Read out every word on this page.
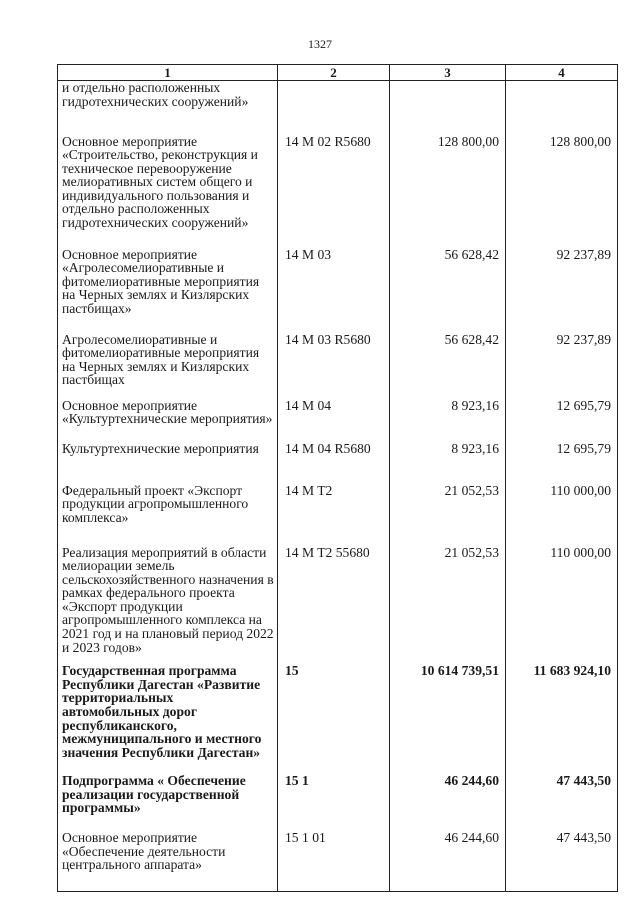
1327
1	2	3	4
и отдельно расположенных гидротехнических сооружений»			
Основное мероприятие «Строительство, реконструкция и техническое перевооружение мелиоративных систем общего и индивидуального пользования и отдельно расположенных гидротехнических сооружений»	14 M 02 R5680	128 800,00	128 800,00
Основное мероприятие «Агролесомелиоративные и фитомелиоративные мероприятия на Черных землях и Кизлярских пастбищах»	14 M 03	56 628,42	92 237,89
Агролесомелиоративные и фитомелиоративные мероприятия на Черных землях и Кизлярских пастбищах	14 M 03 R5680	56 628,42	92 237,89
Основное мероприятие «Культуртехнические мероприятия»	14 M 04	8 923,16	12 695,79
Культуртехнические мероприятия	14 M 04 R5680	8 923,16	12 695,79
Федеральный проект «Экспорт продукции агропромышленного комплекса»	14 M T2	21 052,53	110 000,00
Реализация мероприятий в области мелиорации земель сельскохозяйственного назначения в рамках федерального проекта «Экспорт продукции агропромышленного комплекса на 2021 год и на плановый период 2022 и 2023 годов»	14 M T2 55680	21 052,53	110 000,00
Государственная программа Республики Дагестан «Развитие территориальных автомобильных дорог республиканского, межмуниципального и местного значения Республики Дагестан»	15	10 614 739,51	11 683 924,10
Подпрограмма « Обеспечение реализации государственной программы»	15 1	46 244,60	47 443,50
Основное мероприятие «Обеспечение деятельности центрального аппарата»	15 1 01	46 244,60	47 443,50
